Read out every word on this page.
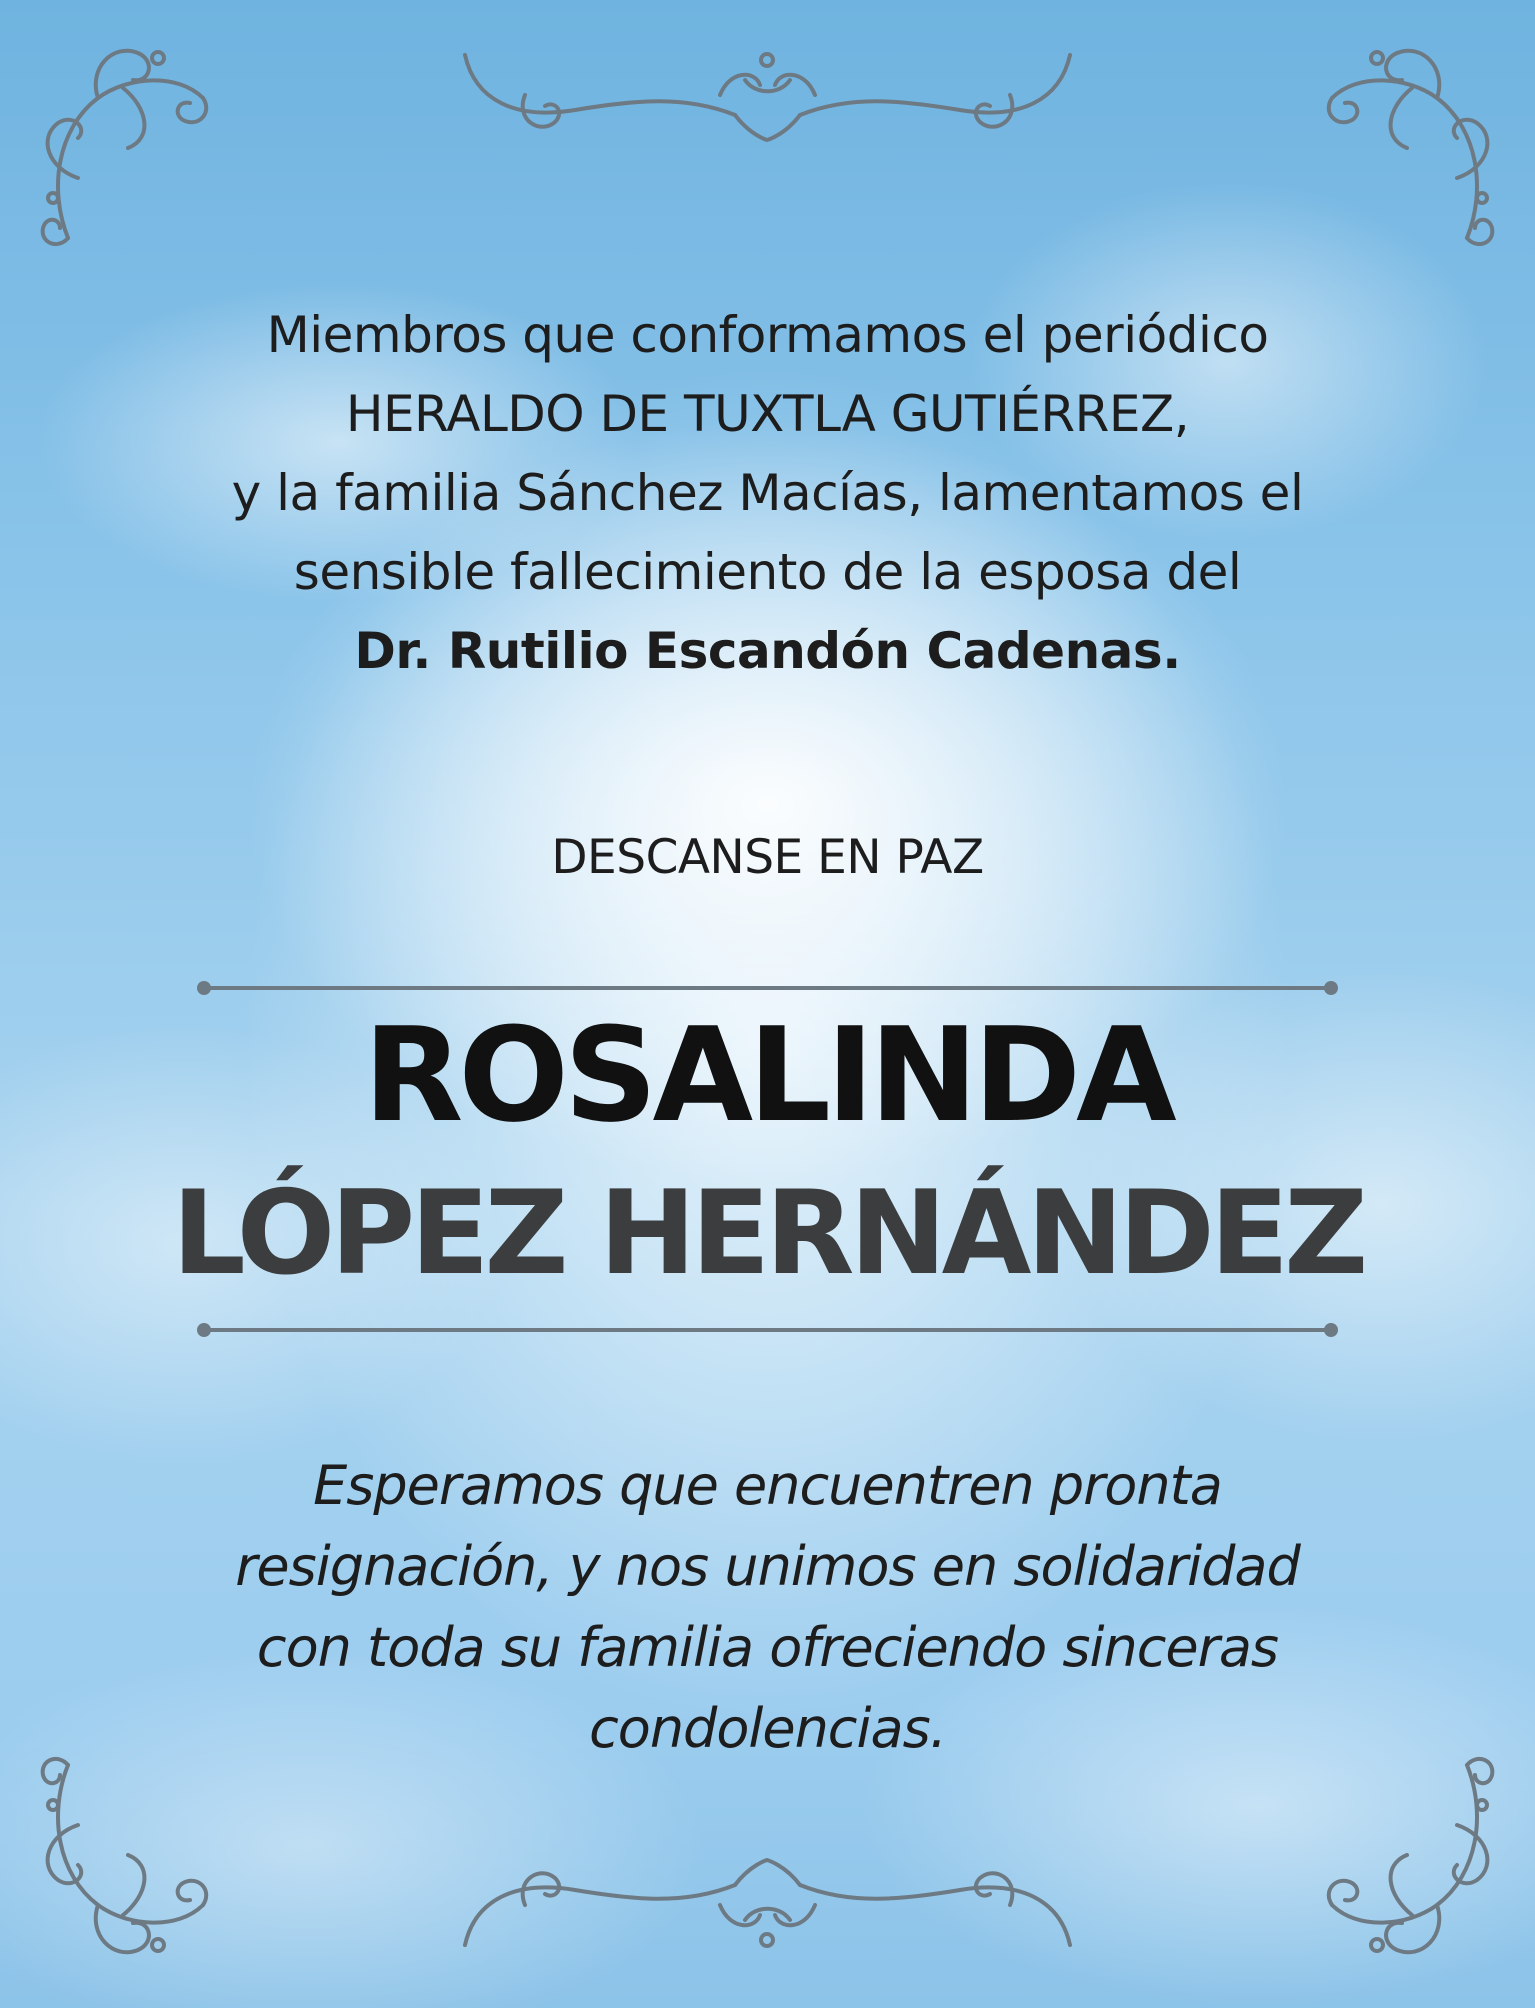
Miembros que conformamos el periódico
HERALDO DE TUXTLA GUTIÉRREZ,
y la familia Sánchez Macías, lamentamos el
sensible fallecimiento de la esposa del
Dr. Rutilio Escandón Cadenas.
DESCANSE EN PAZ
ROSALINDA
LÓPEZ HERNÁNDEZ
Esperamos que encuentren pronta
resignación, y nos unimos en solidaridad
con toda su familia ofreciendo sinceras
condolencias.
